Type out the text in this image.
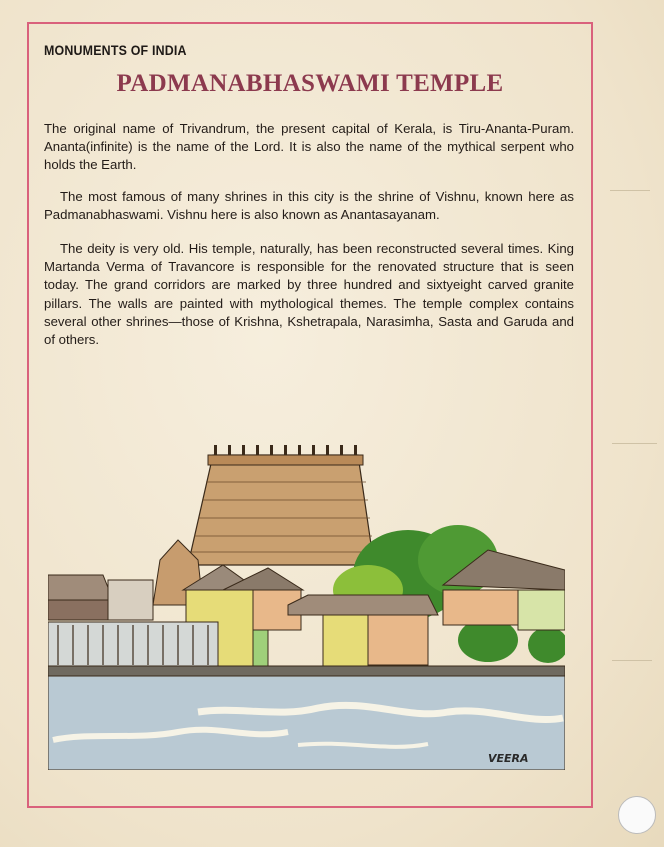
MONUMENTS OF INDIA
PADMANABHASWAMI TEMPLE
The original name of Trivandrum, the present capital of Kerala, is Tiru-Ananta-Puram. Ananta(infinite) is the name of the Lord. It is also the name of the mythical serpent who holds the Earth.
The most famous of many shrines in this city is the shrine of Vishnu, known here as Padmanabhaswami. Vishnu here is also known as Anantasayanam.
The deity is very old. His temple, naturally, has been reconstructed several times. King Martanda Verma of Travancore is responsible for the renovated structure that is seen today. The grand corridors are marked by three hundred and sixtyeight carved granite pillars. The walls are painted with mythological themes. The temple complex contains several other shrines—those of Krishna, Kshetrapala, Narasimha, Sasta and Garuda and of others.
VEERA
